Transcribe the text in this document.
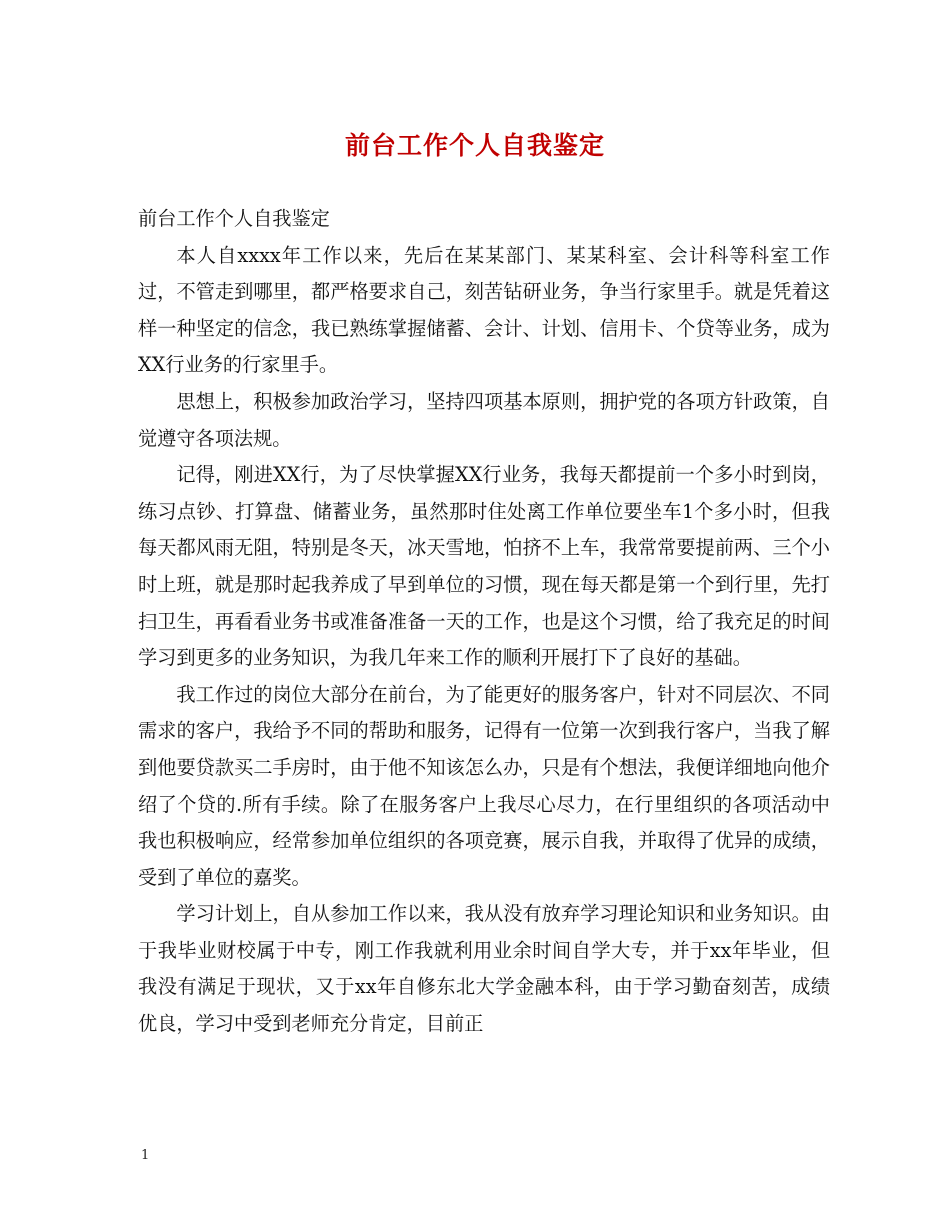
前台工作个人自我鉴定

前台工作个人自我鉴定

本人自xxxx年工作以来，先后在某某部门、某某科室、会计科等科室工作过，不管走到哪里，都严格要求自己，刻苦钻研业务，争当行家里手。就是凭着这样一种坚定的信念，我已熟练掌握储蓄、会计、计划、信用卡、个贷等业务，成为XX行业务的行家里手。

思想上，积极参加政治学习，坚持四项基本原则，拥护党的各项方针政策，自觉遵守各项法规。

记得，刚进XX行，为了尽快掌握XX行业务，我每天都提前一个多小时到岗，练习点钞、打算盘、储蓄业务，虽然那时住处离工作单位要坐车1个多小时，但我每天都风雨无阻，特别是冬天，冰天雪地，怕挤不上车，我常常要提前两、三个小时上班，就是那时起我养成了早到单位的习惯，现在每天都是第一个到行里，先打扫卫生，再看看业务书或准备准备一天的工作，也是这个习惯，给了我充足的时间学习到更多的业务知识，为我几年来工作的顺利开展打下了良好的基础。

我工作过的岗位大部分在前台，为了能更好的服务客户，针对不同层次、不同需求的客户，我给予不同的帮助和服务，记得有一位第一次到我行客户，当我了解到他要贷款买二手房时，由于他不知该怎么办，只是有个想法，我便详细地向他介绍了个贷的.所有手续。除了在服务客户上我尽心尽力，在行里组织的各项活动中我也积极响应，经常参加单位组织的各项竞赛，展示自我，并取得了优异的成绩，受到了单位的嘉奖。

学习计划上，自从参加工作以来，我从没有放弃学习理论知识和业务知识。由于我毕业财校属于中专，刚工作我就利用业余时间自学大专，并于xx年毕业，但我没有满足于现状，又于xx年自修东北大学金融本科，由于学习勤奋刻苦，成绩优良，学习中受到老师充分肯定，目前正

1
